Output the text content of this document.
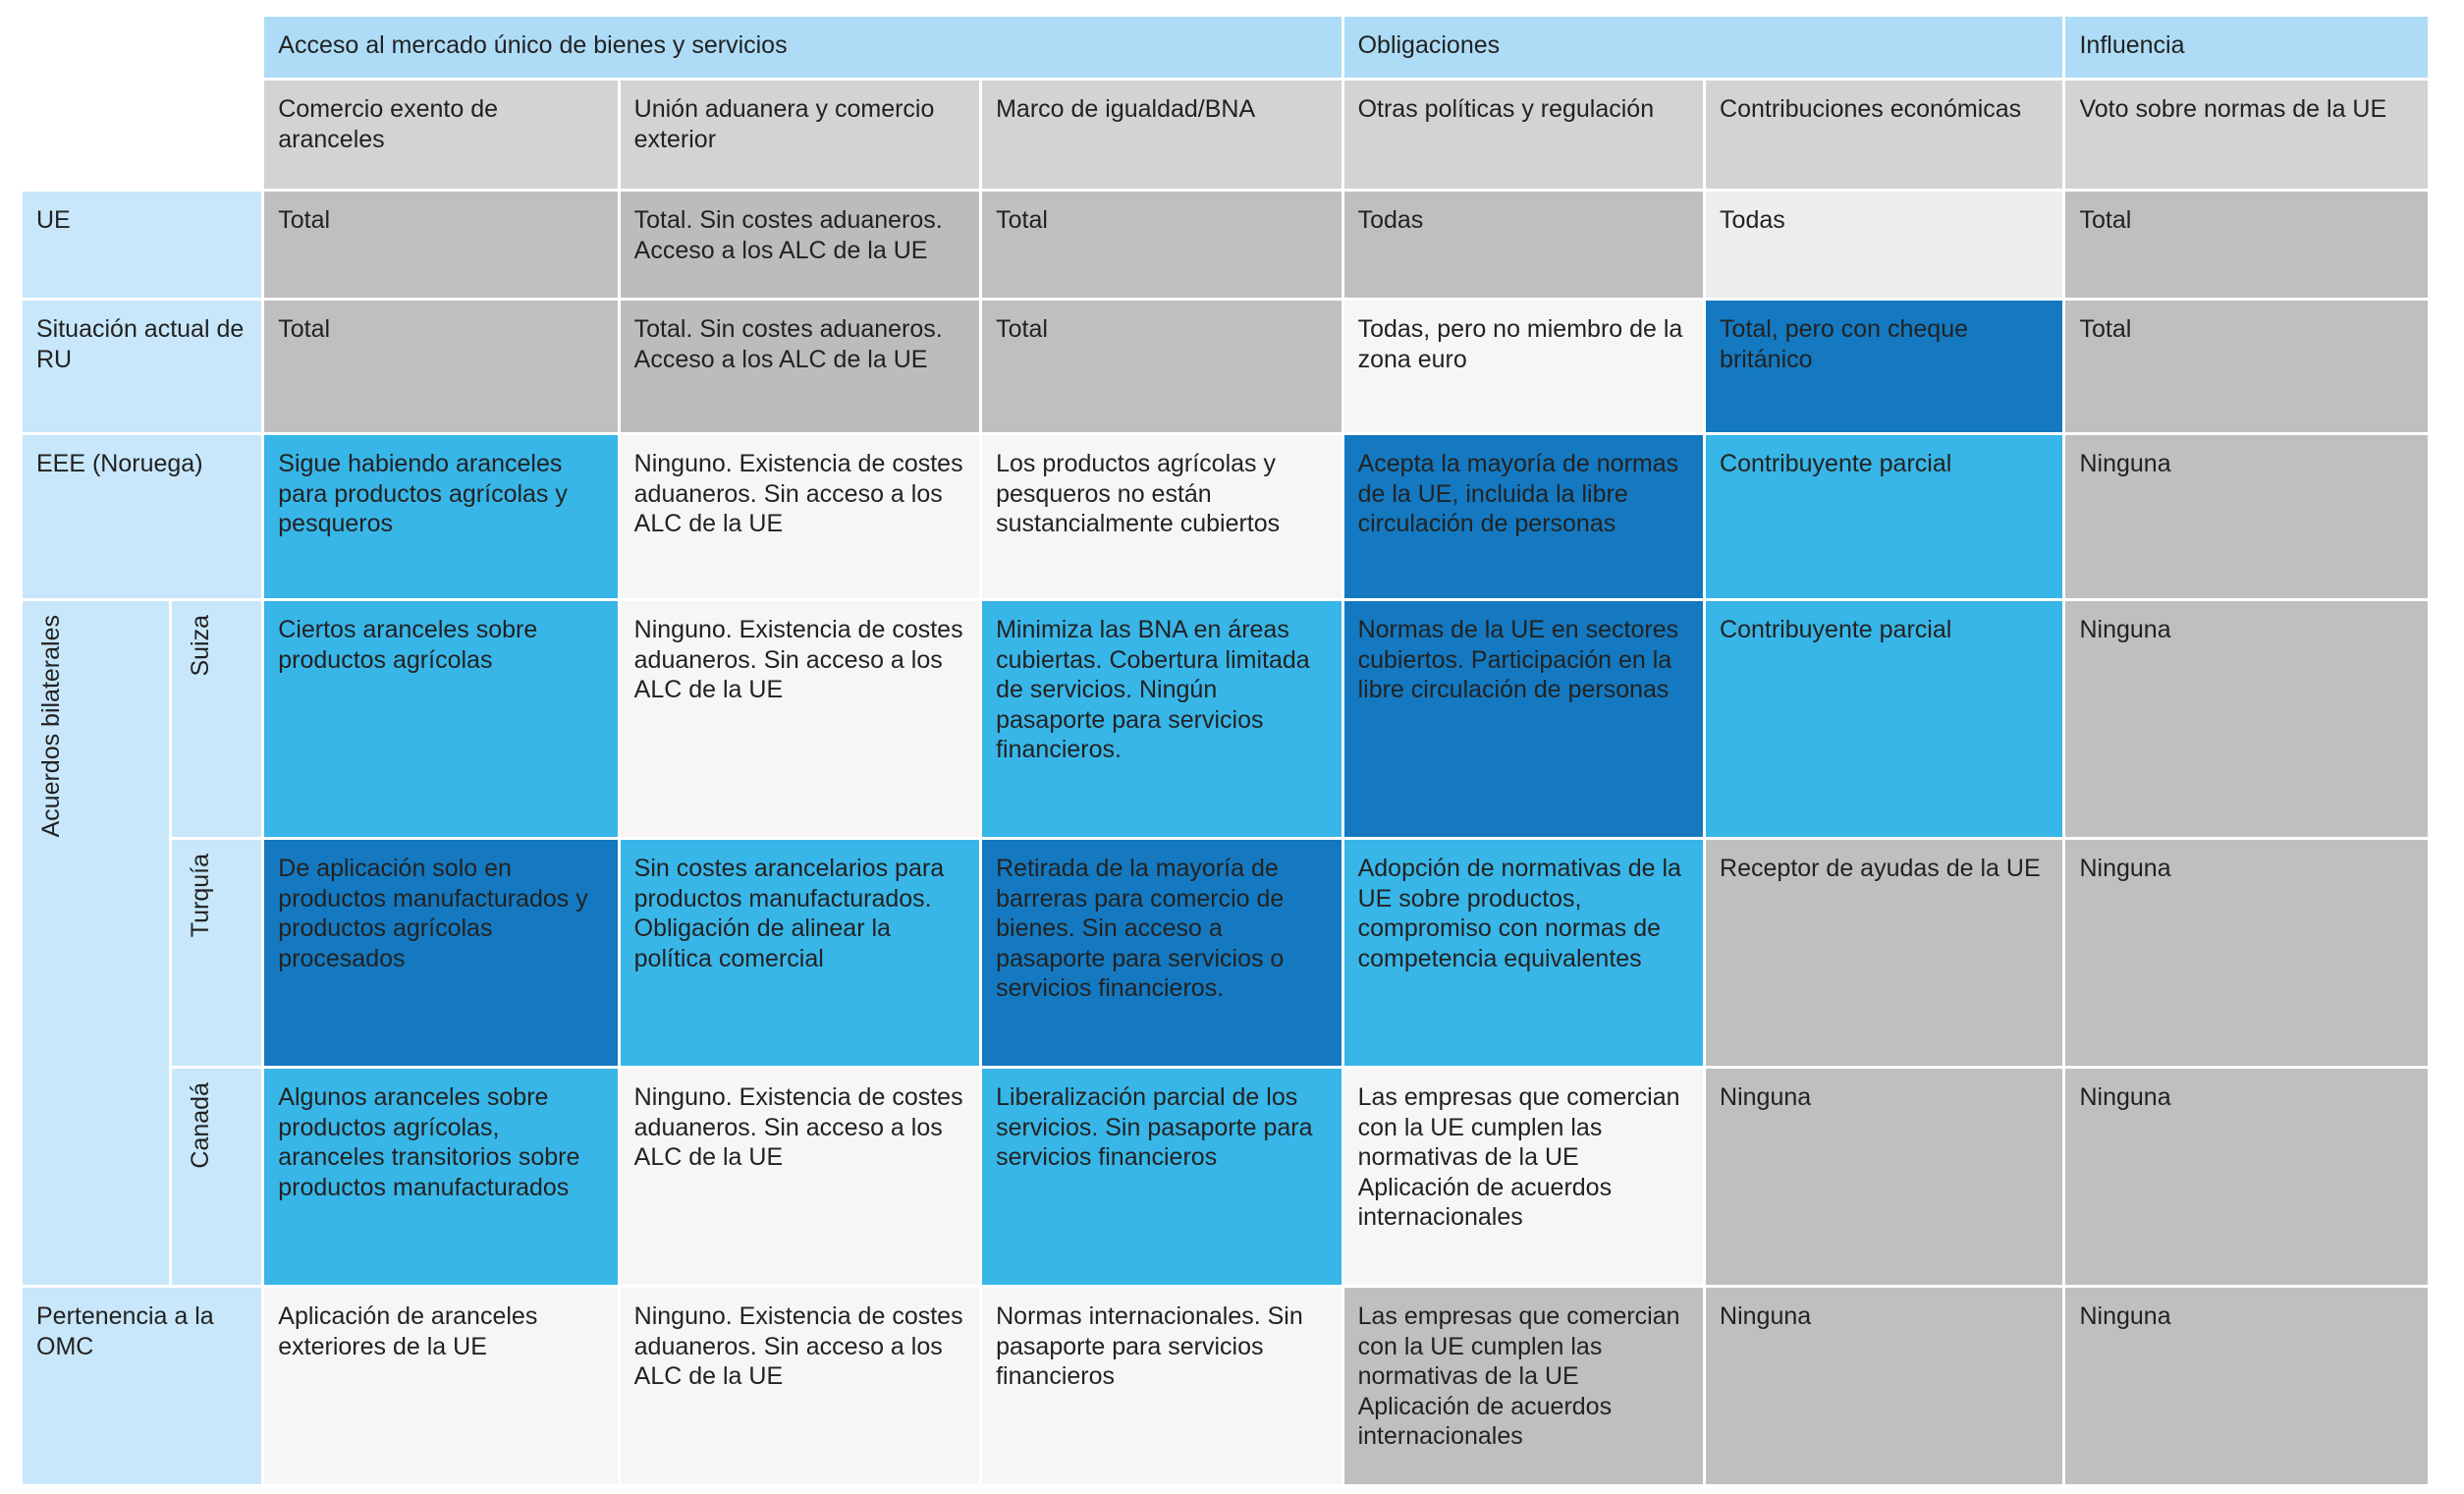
		Acceso al mercado único de bienes y servicios			Obligaciones		Influencia
		Comercio exento de aranceles	Unión aduanera y comercio exterior	Marco de igualdad/BNA	Otras políticas y regulación	Contribuciones económicas	Voto sobre normas de la UE
UE		Total	Total. Sin costes aduaneros. Acceso a los ALC de la UE	Total	Todas	Todas	Total
Situación actual de RU		Total	Total. Sin costes aduaneros. Acceso a los ALC de la UE	Total	Todas, pero no miembro de la zona euro	Total, pero con cheque británico	Total
EEE (Noruega)		Sigue habiendo aranceles para productos agrícolas y pesqueros	Ninguno. Existencia de costes aduaneros. Sin acceso a los ALC de la UE	Los productos agrícolas y pesqueros no están sustancialmente cubiertos	Acepta la mayoría de normas de la UE, incluida la libre circulación de personas	Contribuyente parcial	Ninguna
Acuerdos bilaterales	Suiza	Ciertos aranceles sobre productos agrícolas	Ninguno. Existencia de costes aduaneros. Sin acceso a los ALC de la UE	Minimiza las BNA en áreas cubiertas. Cobertura limitada de servicios. Ningún pasaporte para servicios financieros.	Normas de la UE en sectores cubiertos. Participación en la libre circulación de personas	Contribuyente parcial	Ninguna
	Turquía	De aplicación solo en productos manufacturados y productos agrícolas procesados	Sin costes arancelarios para productos manufacturados. Obligación de alinear la política comercial	Retirada de la mayoría de barreras para comercio de bienes. Sin acceso a pasaporte para servicios o servicios financieros.	Adopción de normativas de la UE sobre productos, compromiso con normas de competencia equivalentes	Receptor de ayudas de la UE	Ninguna
	Canadá	Algunos aranceles sobre productos agrícolas, aranceles transitorios sobre productos manufacturados	Ninguno. Existencia de costes aduaneros. Sin acceso a los ALC de la UE	Liberalización parcial de los servicios. Sin pasaporte para servicios financieros	Las empresas que comercian con la UE cumplen las normativas de la UE Aplicación de acuerdos internacionales	Ninguna	Ninguna
Pertenencia a la OMC		Aplicación de aranceles exteriores de la UE	Ninguno. Existencia de costes aduaneros. Sin acceso a los ALC de la UE	Normas internacionales. Sin pasaporte para servicios financieros	Las empresas que comercian con la UE cumplen las normativas de la UE Aplicación de acuerdos internacionales	Ninguna	Ninguna
